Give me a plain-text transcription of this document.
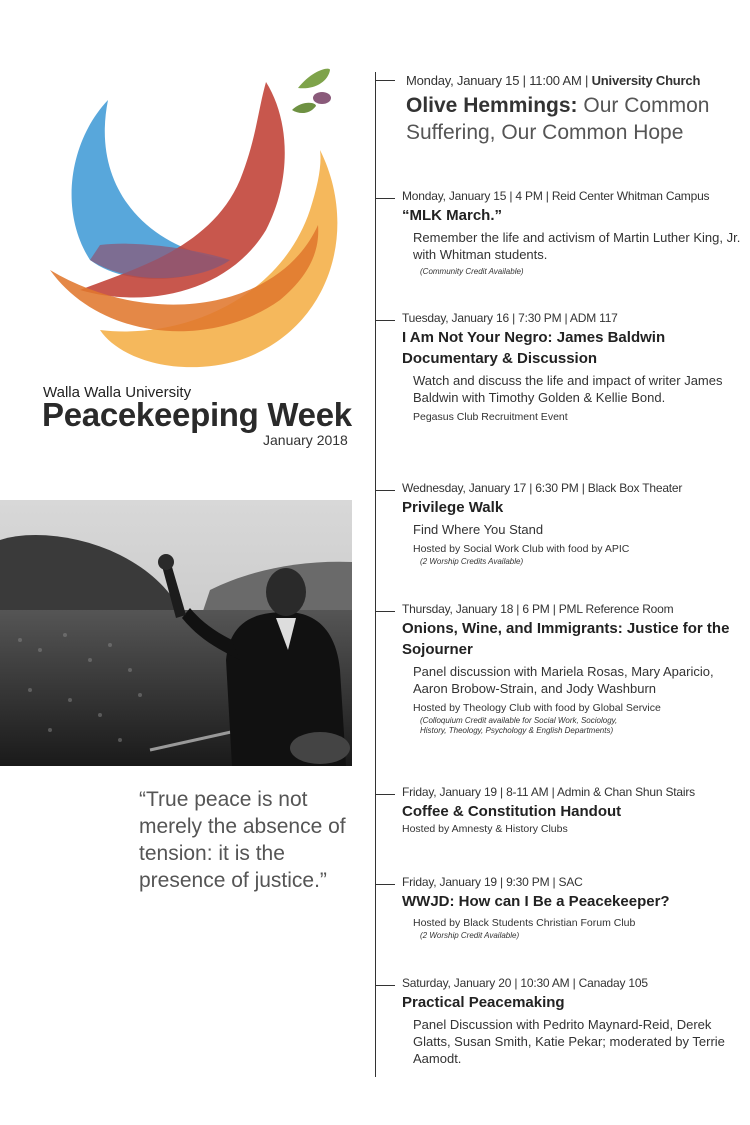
Walla Walla University
Peacekeeping Week
January 2018
“True peace is not merely the absence of tension: it is the presence of justice.”
Monday, January 15 | 11:00 AM | University Church
Olive Hemmings: Our Common Suffering, Our Common Hope
Monday, January 15 | 4 PM | Reid Center Whitman Campus
“MLK March.”
Remember the life and activism of Martin Luther King, Jr. with Whitman students.
(Community Credit Available)
Tuesday, January 16 | 7:30 PM | ADM 117
I Am Not Your Negro: James Baldwin Documentary & Discussion
Watch and discuss the life and impact of writer James Baldwin with Timothy Golden & Kellie Bond.
Pegasus Club Recruitment Event
Wednesday, January 17 | 6:30 PM | Black Box Theater
Privilege Walk
Find Where You Stand
Hosted by Social Work Club with food by APIC
(2 Worship Credits Available)
Thursday, January 18 | 6 PM | PML Reference Room
Onions, Wine, and Immigrants: Justice for the Sojourner
Panel discussion with Mariela Rosas, Mary Aparicio, Aaron Brobow-Strain, and Jody Washburn
Hosted by Theology Club with food by Global Service
(Colloquium Credit available for Social Work, Sociology, History, Theology, Psychology & English Departments)
Friday, January 19 | 8-11 AM | Admin & Chan Shun Stairs
Coffee & Constitution Handout
Hosted by Amnesty & History Clubs
Friday, January 19 | 9:30 PM | SAC
WWJD: How can I Be a Peacekeeper?
Hosted by Black Students Christian Forum Club
(2 Worship Credit Available)
Saturday, January 20 | 10:30 AM | Canaday 105
Practical Peacemaking
Panel Discussion with Pedrito Maynard-Reid, Derek Glatts, Susan Smith, Katie Pekar; moderated by Terrie Aamodt.
